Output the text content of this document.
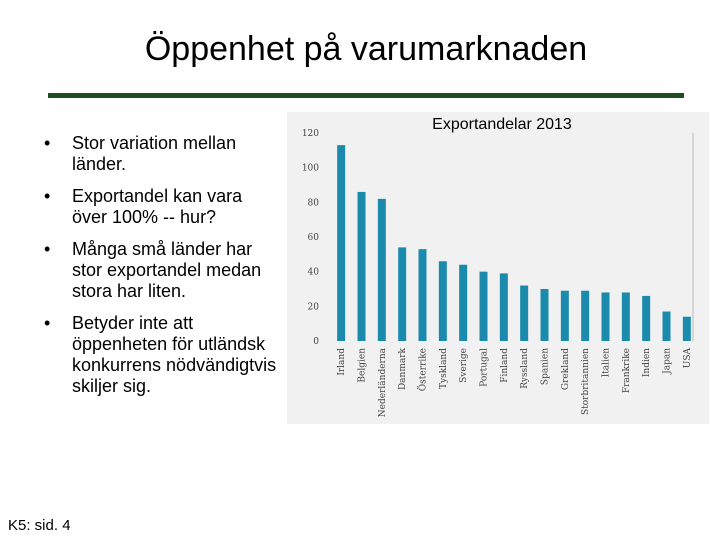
Öppenhet på varumarknaden
• Stor variation mellan länder.
• Exportandel kan vara över 100% -- hur?
• Många små länder har stor exportandel medan stora har liten.
• Betyder inte att öppenheten för utländsk konkurrens nödvändigtvis skiljer sig.
0
20
40
60
80
100
120
Irland Belgien Nederländerna Danmark Österrike Tyskland Sverige Portugal Finland Ryssland Spanien Grekland Storbritannien Italien Frankrike Indien Japan USA
Exportandelar 2013
K5: sid. 4
